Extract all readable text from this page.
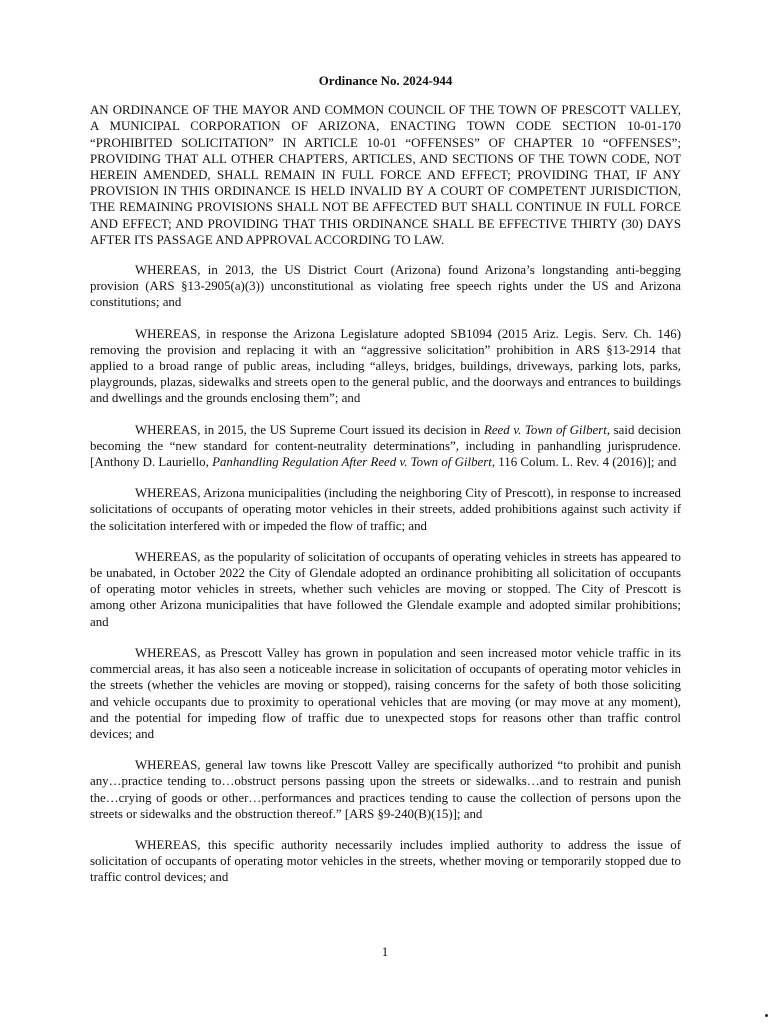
Ordinance No. 2024-944

AN ORDINANCE OF THE MAYOR AND COMMON COUNCIL OF THE TOWN OF PRESCOTT VALLEY, A MUNICIPAL CORPORATION OF ARIZONA, ENACTING TOWN CODE SECTION 10-01-170 “PROHIBITED SOLICITATION” IN ARTICLE 10-01 “OFFENSES” OF CHAPTER 10 “OFFENSES”; PROVIDING THAT ALL OTHER CHAPTERS, ARTICLES, AND SECTIONS OF THE TOWN CODE, NOT HEREIN AMENDED, SHALL REMAIN IN FULL FORCE AND EFFECT; PROVIDING THAT, IF ANY PROVISION IN THIS ORDINANCE IS HELD INVALID BY A COURT OF COMPETENT JURISDICTION, THE REMAINING PROVISIONS SHALL NOT BE AFFECTED BUT SHALL CONTINUE IN FULL FORCE AND EFFECT; AND PROVIDING THAT THIS ORDINANCE SHALL BE EFFECTIVE THIRTY (30) DAYS AFTER ITS PASSAGE AND APPROVAL ACCORDING TO LAW.

WHEREAS, in 2013, the US District Court (Arizona) found Arizona’s longstanding anti-begging provision (ARS §13-2905(a)(3)) unconstitutional as violating free speech rights under the US and Arizona constitutions; and

WHEREAS, in response the Arizona Legislature adopted SB1094 (2015 Ariz. Legis. Serv. Ch. 146) removing the provision and replacing it with an “aggressive solicitation” prohibition in ARS §13-2914 that applied to a broad range of public areas, including “alleys, bridges, buildings, driveways, parking lots, parks, playgrounds, plazas, sidewalks and streets open to the general public, and the doorways and entrances to buildings and dwellings and the grounds enclosing them”; and

WHEREAS, in 2015, the US Supreme Court issued its decision in Reed v. Town of Gilbert, said decision becoming the “new standard for content-neutrality determinations”, including in panhandling jurisprudence. [Anthony D. Lauriello, Panhandling Regulation After Reed v. Town of Gilbert, 116 Colum. L. Rev. 4 (2016)]; and

WHEREAS, Arizona municipalities (including the neighboring City of Prescott), in response to increased solicitations of occupants of operating motor vehicles in their streets, added prohibitions against such activity if the solicitation interfered with or impeded the flow of traffic; and

WHEREAS, as the popularity of solicitation of occupants of operating vehicles in streets has appeared to be unabated, in October 2022 the City of Glendale adopted an ordinance prohibiting all solicitation of occupants of operating motor vehicles in streets, whether such vehicles are moving or stopped. The City of Prescott is among other Arizona municipalities that have followed the Glendale example and adopted similar prohibitions; and

WHEREAS, as Prescott Valley has grown in population and seen increased motor vehicle traffic in its commercial areas, it has also seen a noticeable increase in solicitation of occupants of operating motor vehicles in the streets (whether the vehicles are moving or stopped), raising concerns for the safety of both those soliciting and vehicle occupants due to proximity to operational vehicles that are moving (or may move at any moment), and the potential for impeding flow of traffic due to unexpected stops for reasons other than traffic control devices; and

WHEREAS, general law towns like Prescott Valley are specifically authorized “to prohibit and punish any…practice tending to…obstruct persons passing upon the streets or sidewalks…and to restrain and punish the…crying of goods or other…performances and practices tending to cause the collection of persons upon the streets or sidewalks and the obstruction thereof.” [ARS §9-240(B)(15)]; and

WHEREAS, this specific authority necessarily includes implied authority to address the issue of solicitation of occupants of operating motor vehicles in the streets, whether moving or temporarily stopped due to traffic control devices; and

1
